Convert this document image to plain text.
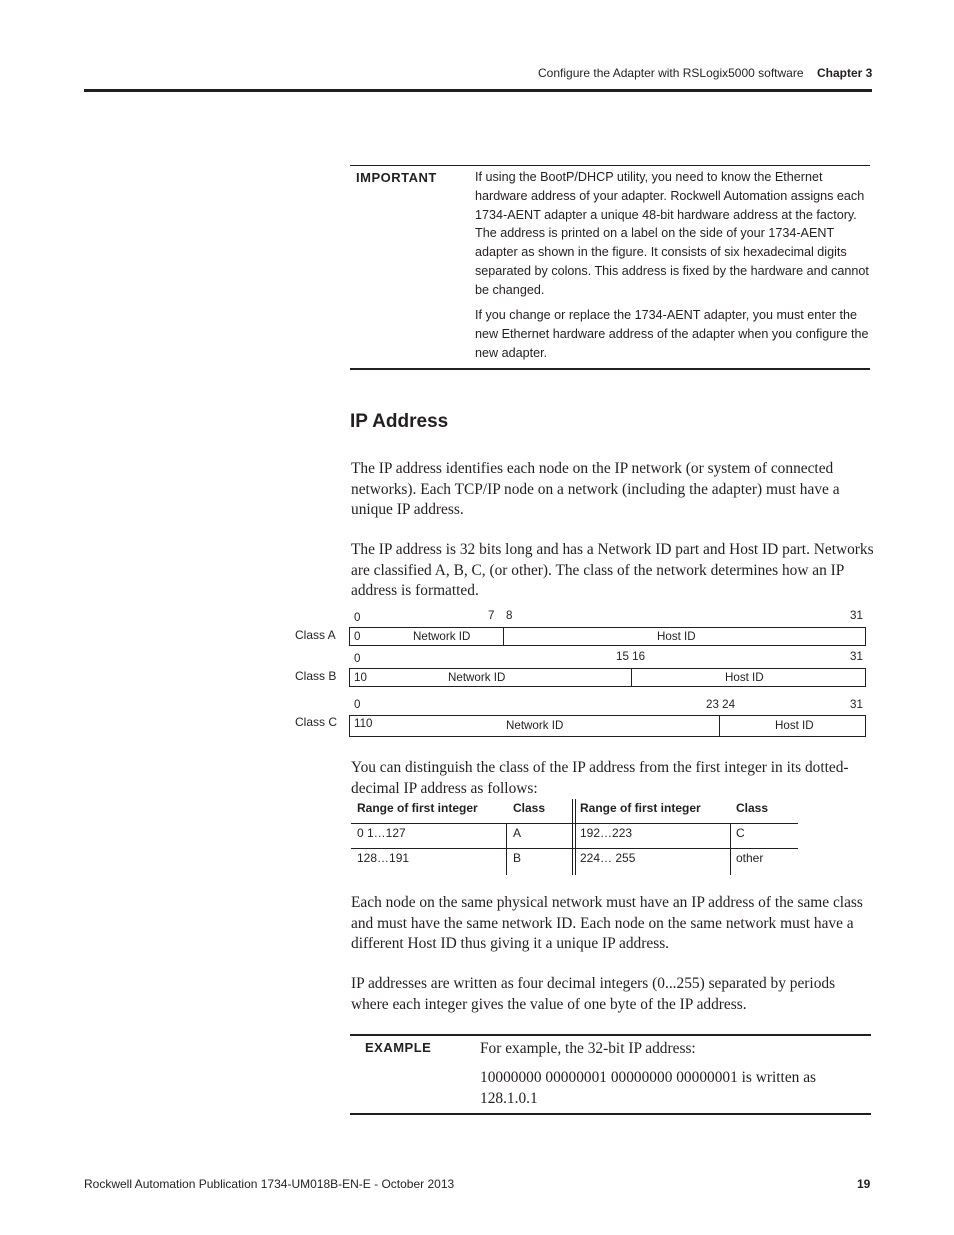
Configure the Adapter with RSLogix5000 software Chapter 3
IMPORTANT	If using the BootP/DHCP utility, you need to know the Ethernet hardware address of your adapter. Rockwell Automation assigns each 1734-AENT adapter a unique 48-bit hardware address at the factory. The address is printed on a label on the side of your 1734-AENT adapter as shown in the figure. It consists of six hexadecimal digits separated by colons. This address is fixed by the hardware and cannot be changed.
If you change or replace the 1734-AENT adapter, you must enter the new Ethernet hardware address of the adapter when you configure the new adapter.
IP Address
The IP address identifies each node on the IP network (or system of connected networks). Each TCP/IP node on a network (including the adapter) must have a unique IP address.
The IP address is 32 bits long and has a Network ID part and Host ID part. Networks are classified A, B, C, (or other). The class of the network determines how an IP address is formatted.
0	7 8	31
Class A 0	Network ID	Host ID
0	15 16	31
Class B 10	Network ID	Host ID
0	23 24	31
Class C 110	Network ID	Host ID
You can distinguish the class of the IP address from the first integer in its dotted-decimal IP address as follows:
Range of first integer	Class	Range of first integer	Class
0 1…127	A	192…223	C
128…191	B	224… 255	other
Each node on the same physical network must have an IP address of the same class and must have the same network ID. Each node on the same network must have a different Host ID thus giving it a unique IP address.
IP addresses are written as four decimal integers (0...255) separated by periods where each integer gives the value of one byte of the IP address.
EXAMPLE	For example, the 32-bit IP address:
10000000 00000001 00000000 00000001 is written as 128.1.0.1
Rockwell Automation Publication 1734-UM018B-EN-E - October 2013	19
